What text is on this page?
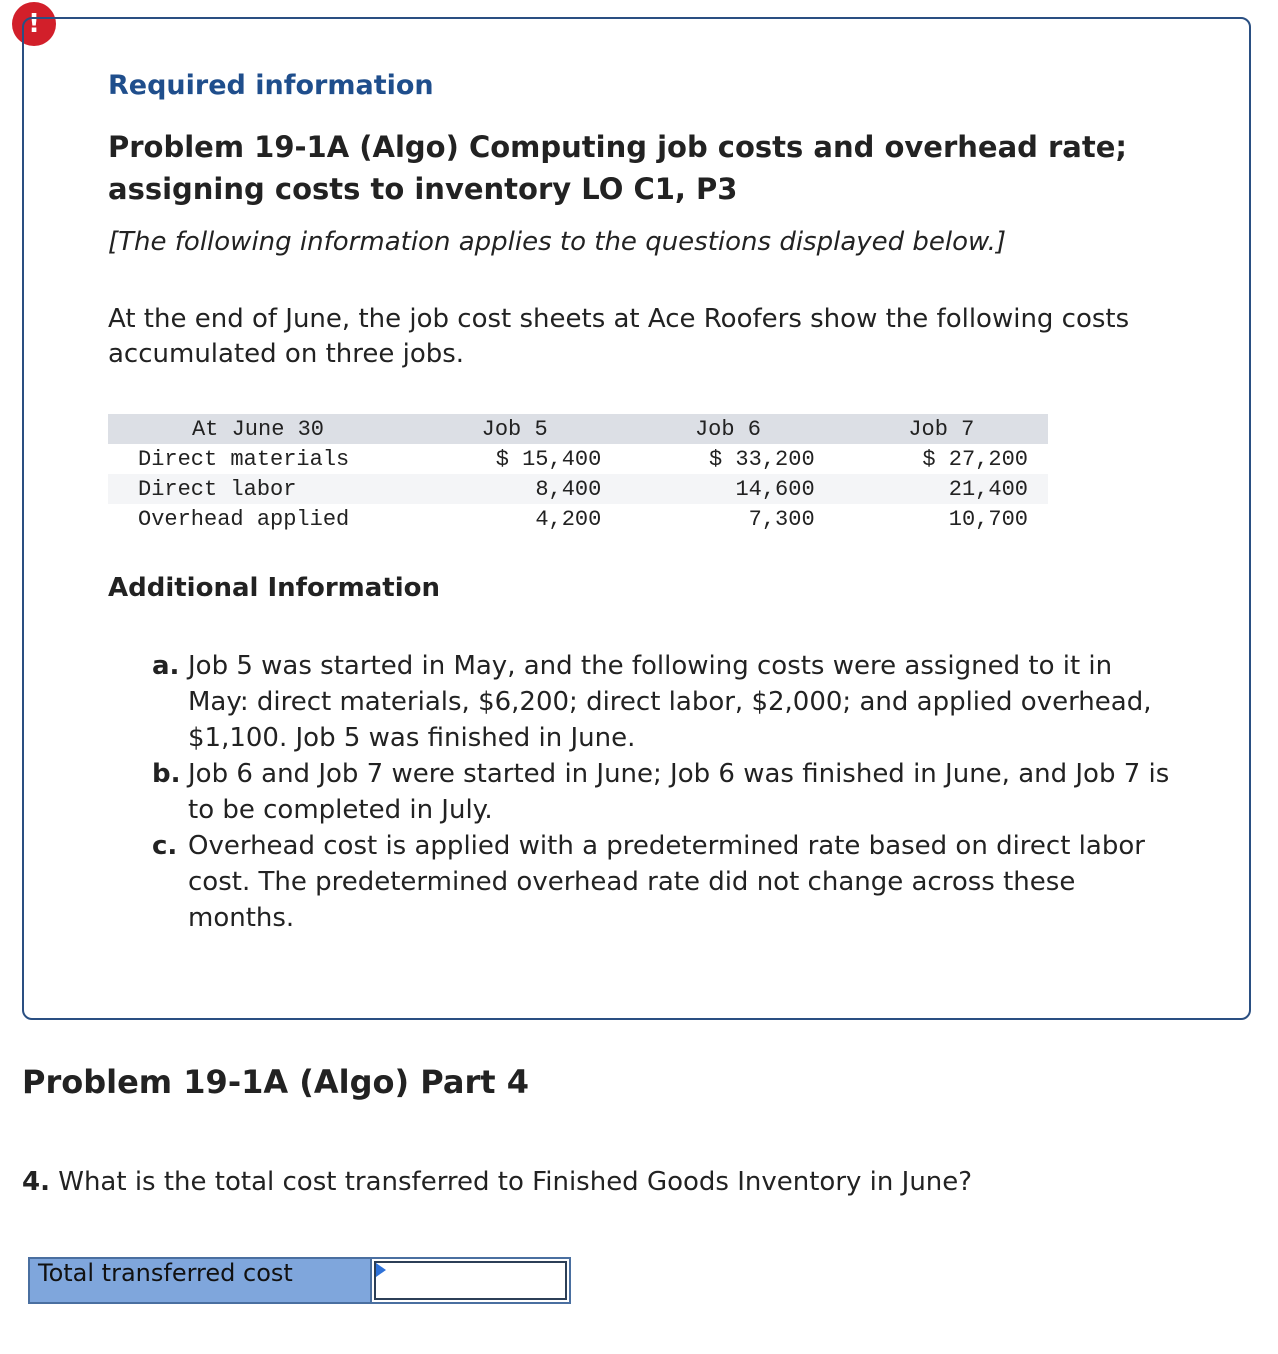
!
Required information
Problem 19-1A (Algo) Computing job costs and overhead rate; assigning costs to inventory LO C1, P3

[The following information applies to the questions displayed below.]

At the end of June, the job cost sheets at Ace Roofers show the following costs accumulated on three jobs.

At June 30	Job 5	Job 6	Job 7
Direct materials	$ 15,400	$ 33,200	$ 27,200
Direct labor	8,400	14,600	21,400
Overhead applied	4,200	7,300	10,700
Additional Information
a. Job 5 was started in May, and the following costs were assigned to it in May: direct materials, $6,200; direct labor, $2,000; and applied overhead, $1,100. Job 5 was finished in June.
b. Job 6 and Job 7 were started in June; Job 6 was finished in June, and Job 7 is to be completed in July.
c. Overhead cost is applied with a predetermined rate based on direct labor cost. The predetermined overhead rate did not change across these months.
Problem 19-1A (Algo) Part 4

4. What is the total cost transferred to Finished Goods Inventory in June?

Total transferred cost
